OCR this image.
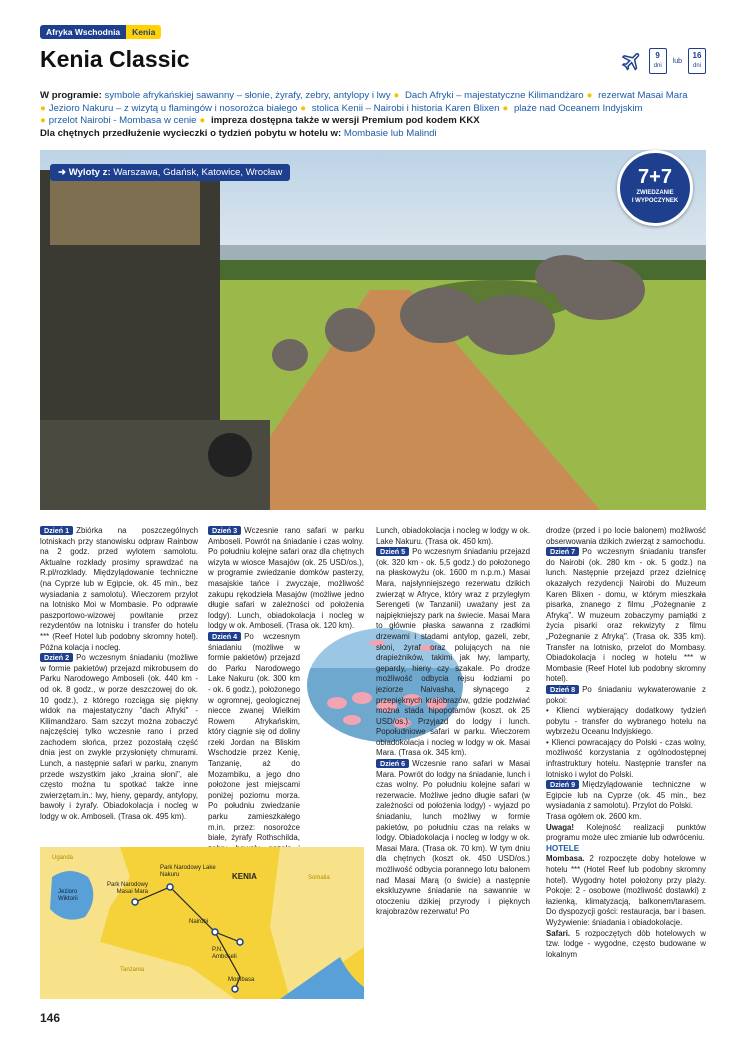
Afryka Wschodnia	Kenia
Kenia Classic	9
dni
lub
16
dni
W programie: symbole afrykańskiej sawanny – słonie, żyrafy, zebry, antylopy i lwy ● Dach Afryki – majestatyczne Kilimandżaro ● rezerwat Masai Mara
● Jezioro Nakuru – z wizytą u flamingów i nosorożca białego ● stolica Kenii – Nairobi i historia Karen Blixen ● plaże nad Oceanem Indyjskim
● przelot Nairobi - Mombasa w cenie ● impreza dostępna także w wersji Premium pod kodem KKX
Dla chętnych przedłużenie wycieczki o tydzień pobytu w hotelu w: Mombasie lub Malindi
➜ Wyloty z: Warszawa, Gdańsk, Katowice, Wrocław	7+7
ZWIEDZANIE
I WYPOCZYNEK

Dzień 1 Zbiórka na poszczególnych lotniskach przy stanowisku odpraw Rainbow na 2 godz. przed wylotem samolotu. Aktualne rozkłady prosimy sprawdzać na R.pl/rozklady. Międzylądowanie techniczne (na Cyprze lub w Egipcie, ok. 45 min., bez wysiadania z samolotu). Wieczorem przylot na lotnisko Moi w Mombasie. Po odprawie paszportowo-wizowej powitanie przez rezydentów na lotnisku i transfer do hotelu *** (Reef Hotel lub podobny skromny hotel). Późna kolacja i nocleg.

Dzień 2 Po wczesnym śniadaniu (możliwe w formie pakietów) przejazd mikrobusem do Parku Narodowego Amboseli (ok. 440 km - od ok. 8 godz., w porze deszczowej do ok. 10 godz.), z którego rozciąga się piękny widok na majestatyczny "dach Afryki" - Kilimandżaro. Sam szczyt można zobaczyć najczęściej tylko wczesnie rano i przed zachodem słońca, przez pozostałą część dnia jest on zwykle przysłonięty chmurami. Lunch, a następnie safari w parku, znanym przede wszystkim jako „kraina słoni", ale często można tu spotkać także inne zwierzętam.in.: lwy, hieny, gepardy, antylopy, bawoły i żyrafy. Obiadokolacja i nocleg w lodgy w ok. Amboseli. (Trasa ok. 495 km).

Dzień 3 Wczesnie rano safari w parku Amboseli. Powrót na śniadanie i czas wolny. Po południu kolejne safari oraz dla chętnych wizyta w wiosce Masajów (ok. 25 USD/os.), w programie zwiedzanie domków pasterzy, masajskie tańce i zwyczaje, możliwość zakupu rękodzieła Masajów (możliwe jedno długie safari w zależności od położenia lodgy). Lunch, obiadokolacja i nocleg w lodgy w ok. Amboseli. (Trasa ok. 120 km).

Dzień 4 Po wczesnym śniadaniu (możliwe w formie pakietów) przejazd do Parku Narodowego Lake Nakuru (ok. 300 km - ok. 6 godz.), położonego w ogromnej, geologicznej niecce zwanej Wielkim Rowem Afrykańskim, który ciągnie się od doliny rzeki Jordan na Bliskim Wschodzie przez Kenię, Tanzanię, aż do Mozambiku, a jego dno położone jest miejscami poniżej poziomu morza. Po południu zwiedzanie parku zamieszkałego m.in. przez: nosorożce białe, żyrafy Rothschilda,

Lunch, obiadokolacja i nocleg w lodgy w ok. Lake Nakuru. (Trasa ok. 450 km).

Dzień 5 Po wczesnym śniadaniu przejazd (ok. 320 km - ok. 5,5 godz.) do położonego na płaskowyżu (ok. 1600 m n.p.m.) Masai Mara, najsłynniejszego rezerwatu dzikich zwierząt w Afryce, który wraz z przyległym Serengeti (w Tanzanii) uważany jest za najpiękniejszy park na świecie. Masai Mara to głównie płaska sawanna z rzadkimi drzewami i stadami antylop, gazeli, zebr, słoni, żyraf oraz polujących na nie drapieżników, takimi jak lwy, lamparty, gepardy, hieny czy szakale. Po drodze możliwość odbycia rejsu łodziami po jeziorze Naivasha, słynącego z przepięknych krajobrazów, gdzie podziwiać można stada hipopotamów (koszt. ok 25 USD/os.). Przyjazd do lodgy i lunch. Popołudniowe safari w parku. Wieczorem obiadokolacja i nocleg w lodgy w ok. Masai Mara. (Trasa ok. 345 km).

Dzień 6 Wczesnie rano safari w Masai Mara. Powrót do lodgy na śniadanie, lunch i czas wolny. Po południu kolejne safari w rezerwacie. Możliwe jedno długie safari (w zależności od położenia lodgy) - wyjazd po śniadaniu, lunch możliwy w formie pakietów, po południu czas na relaks w lodgy. Obiadokolacja i nocleg w lodgy w ok. Masai Mara. (Trasa ok. 70 km). W tym dniu dla chętnych (koszt ok. 450 USD/os.) możliwość odbycia porannego lotu balonem nad Masai Marą (o świcie) a następnie ekskluzywne śniadanie na sawannie w otoczeniu dzikiej przyrody i pięknych krajobrazów rezerwatu! Po

drodze (przed i po locie balonem) możliwość obserwowania dzikich zwierząt z samochodu.

Dzień 7 Po wczesnym śniadaniu transfer do Nairobi (ok. 280 km - ok. 5 godz.) na lunch. Następnie przejazd przez dzielnicę okazałych rezydencji Nairobi do Muzeum Karen Blixen - domu, w którym mieszkała pisarka, znanego z filmu „Pożegnanie z Afryką". W muzeum zobaczymy pamiątki z życia pisarki oraz rekwizyty z filmu „Pożegnanie z Afryką". (Trasa ok. 335 km). Transfer na lotnisko, przelot do Mombasy. Obiadokolacja i nocleg w hotelu *** w Mombasie (Reef Hotel lub podobny skromny hotel).

Dzień 8 Po śniadaniu wykwaterowanie z pokoi:

• Klienci wybierający dodatkowy tydzień pobytu - transfer do wybranego hotelu na wybrzeżu Oceanu Indyjskiego.

• Klienci powracający do Polski - czas wolny, możliwość korzystania z ogólnodostępnej infrastruktury hotelu. Następnie transfer na lotnisko i wylot do Polski.

Dzień 9 Międzylądowanie techniczne w Egipcie lub na Cyprze (ok. 45 min., bez wysiadania z samolotu). Przylot do Polski.

Trasa ogółem ok. 2600 km.

Uwaga! Kolejność realizacji punktów programu może ulec zmianie lub odwróceniu.

HOTELE

Mombasa. 2 rozpoczęte doby hotelowe w hotelu *** (Hotel Reef lub podobny skromny hotel). Wygodny hotel położony przy plaży. Pokoje: 2 - osobowe (możliwość dostawki) z łazienką, klimatyzacją, balkonem/tarasem. Do dyspozycji gości: restauracja, bar i basen. Wyżywienie: śniadania i obiadokolacje.

Safari. 5 rozpoczętych dób hotelowych w tzw. lodge - wygodne, często budowane w lokalnym

Uganda
Jezioro Wiktorii
KENIA
Park Narodowy Lake Nakuru
Park Narodowy Masai Mara
Nairobi
P.N. Amboseli
Mombasa
Somalia
Tanzania
146
